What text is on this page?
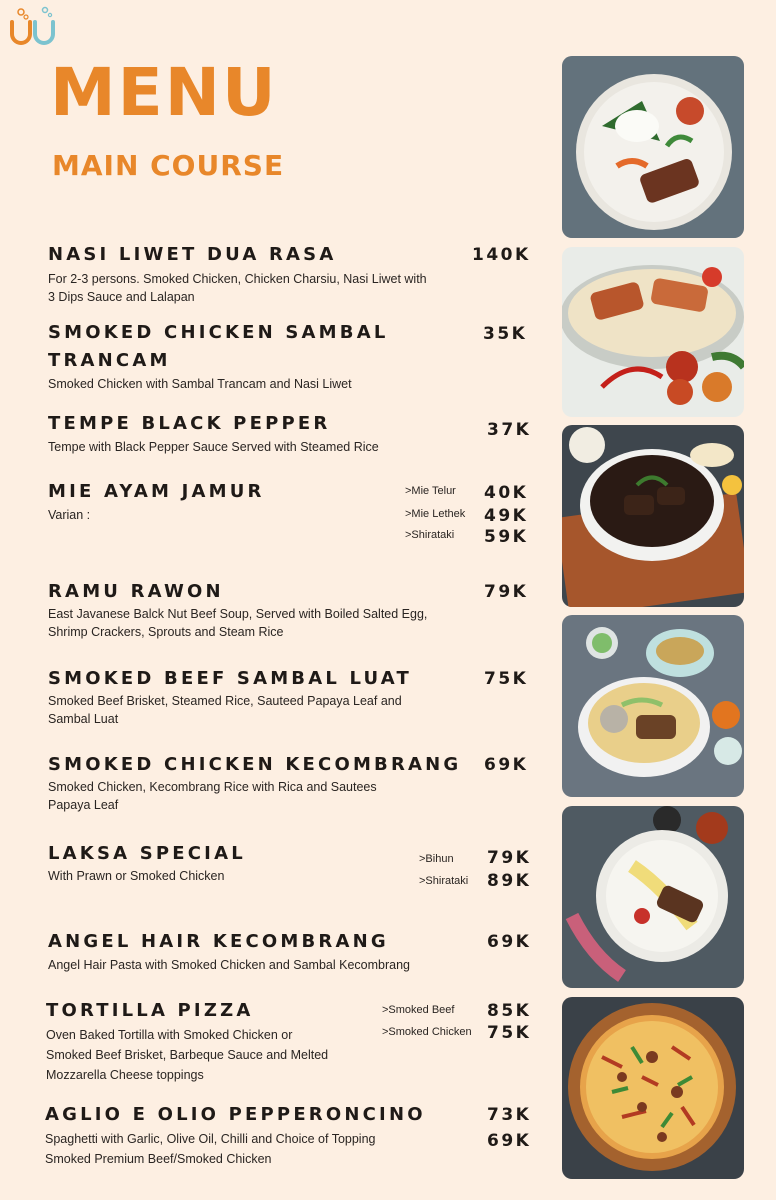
MENU
MAIN COURSE

NASI LIWET DUA RASA

For 2-3 persons. Smoked Chicken, Chicken Charsiu, Nasi Liwet with 3 Dips Sauce and Lalapan

140K

SMOKED CHICKEN SAMBAL TRANCAM

Smoked Chicken with Sambal Trancam and Nasi Liwet

35K

TEMPE BLACK PEPPER

Tempe with Black Pepper Sauce Served with Steamed Rice

37K

MIE AYAM JAMUR

Varian :

>Mie Telur 40K

>Mie Lethek 49K

>Shirataki 59K

RAMU RAWON

East Javanese Balck Nut Beef Soup, Served with Boiled Salted Egg, Shrimp Crackers, Sprouts and Steam Rice

79K

SMOKED BEEF SAMBAL LUAT

Smoked Beef Brisket, Steamed Rice, Sauteed Papaya Leaf and Sambal Luat

75K

SMOKED CHICKEN KECOMBRANG

Smoked Chicken, Kecombrang Rice with Rica and Sautees Papaya Leaf

69K

LAKSA SPECIAL

With Prawn or Smoked Chicken

>Bihun 79K

>Shirataki 89K

ANGEL HAIR KECOMBRANG

Angel Hair Pasta with Smoked Chicken and Sambal Kecombrang

69K

TORTILLA PIZZA

Oven Baked Tortilla with Smoked Chicken or Smoked Beef Brisket, Barbeque Sauce and Melted Mozzarella Cheese toppings

>Smoked Beef 85K

>Smoked Chicken 75K

AGLIO E OLIO PEPPERONCINO

Spaghetti with Garlic, Olive Oil, Chilli and Choice of Topping Smoked Premium Beef/Smoked Chicken

73K

69K
